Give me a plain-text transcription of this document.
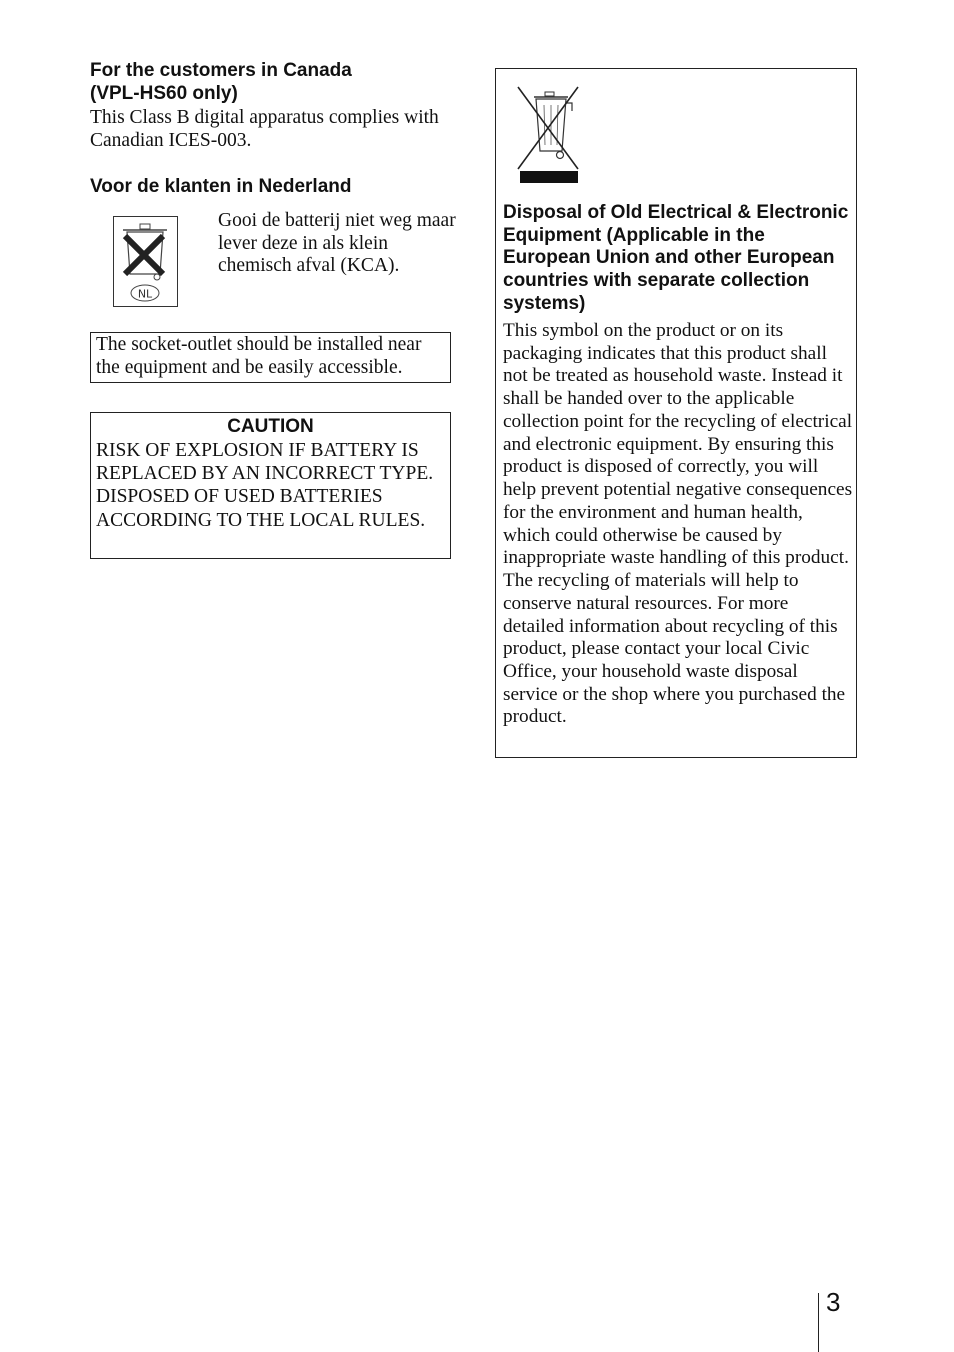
For the customers in Canada
(VPL-HS60 only)

This Class B digital apparatus complies with Canadian ICES-003.

Voor de klanten in Nederland
NL

Gooi de batterij niet weg maar lever deze in als klein chemisch afval (KCA).

The socket-outlet should be installed near the equipment and be easily accessible.

CAUTION

RISK OF EXPLOSION IF BATTERY IS REPLACED BY AN INCORRECT TYPE.

DISPOSED OF USED BATTERIES ACCORDING TO THE LOCAL RULES.

Disposal of Old Electrical & Electronic Equipment (Applicable in the European Union and other European countries with separate collection systems)

This symbol on the product or on its packaging indicates that this product shall not be treated as household waste. Instead it shall be handed over to the applicable collection point for the recycling of electrical and electronic equipment. By ensuring this product is disposed of correctly, you will help prevent potential negative consequences for the environment and human health, which could otherwise be caused by inappropriate waste handling of this product. The recycling of materials will help to conserve natural resources. For more detailed information about recycling of this product, please contact your local Civic Office, your household waste disposal service or the shop where you purchased the product.

3
